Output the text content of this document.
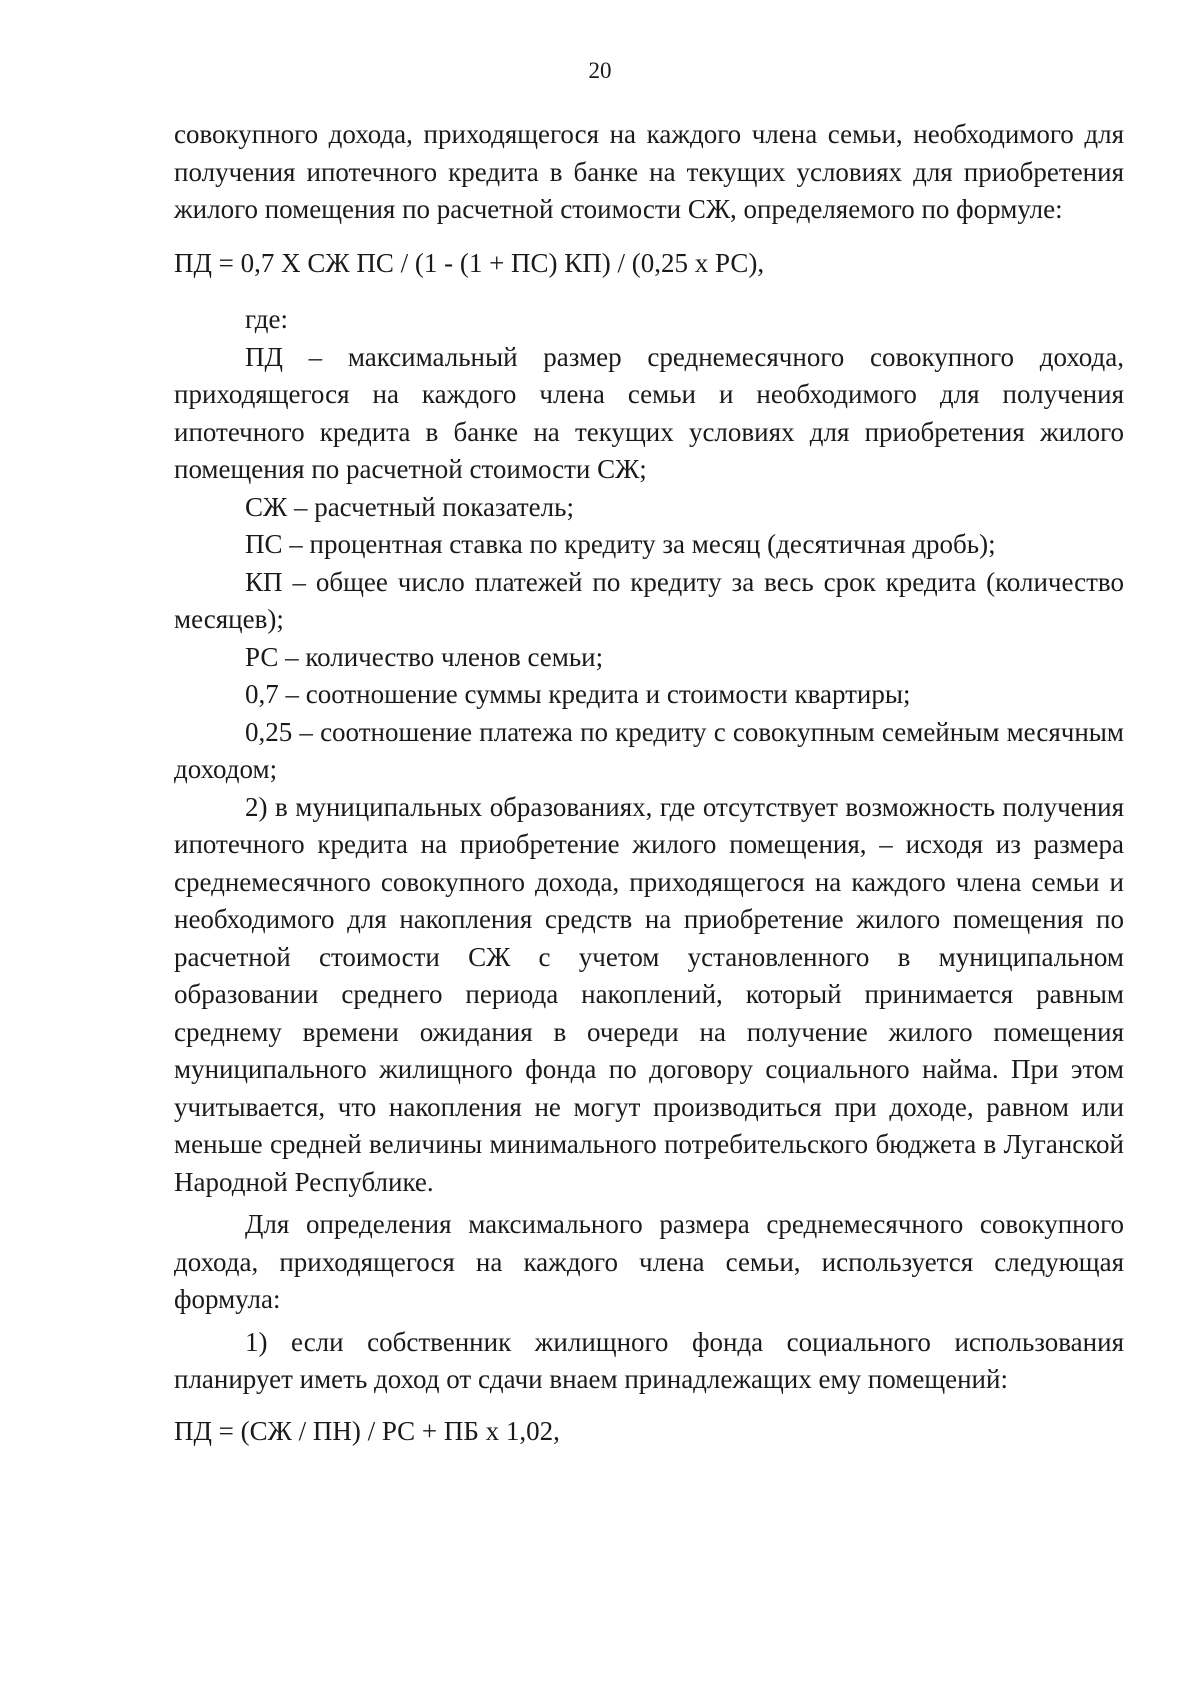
20

совокупного дохода, приходящегося на каждого члена семьи, необходимого для получения ипотечного кредита в банке на текущих условиях для приобретения жилого помещения по расчетной стоимости СЖ, определяемого по формуле:

ПД = 0,7 Х СЖ ПС / (1 - (1 + ПС) КП) / (0,25 х РС),

где:

ПД – максимальный размер среднемесячного совокупного дохода, приходящегося на каждого члена семьи и необходимого для получения ипотечного кредита в банке на текущих условиях для приобретения жилого помещения по расчетной стоимости СЖ;

СЖ – расчетный показатель;

ПС – процентная ставка по кредиту за месяц (десятичная дробь);

КП – общее число платежей по кредиту за весь срок кредита (количество месяцев);

РС – количество членов семьи;

0,7 – соотношение суммы кредита и стоимости квартиры;

0,25 – соотношение платежа по кредиту с совокупным семейным месячным доходом;

2) в муниципальных образованиях, где отсутствует возможность получения ипотечного кредита на приобретение жилого помещения, – исходя из размера среднемесячного совокупного дохода, приходящегося на каждого члена семьи и необходимого для накопления средств на приобретение жилого помещения по расчетной стоимости СЖ с учетом установленного в муниципальном образовании среднего периода накоплений, который принимается равным среднему времени ожидания в очереди на получение жилого помещения муниципального жилищного фонда по договору социального найма. При этом учитывается, что накопления не могут производиться при доходе, равном или меньше средней величины минимального потребительского бюджета в Луганской Народной Республике.

Для определения максимального размера среднемесячного совокупного дохода, приходящегося на каждого члена семьи, используется следующая формула:

1) если собственник жилищного фонда социального использования планирует иметь доход от сдачи внаем принадлежащих ему помещений:

ПД = (СЖ / ПН) / РС + ПБ х 1,02,
